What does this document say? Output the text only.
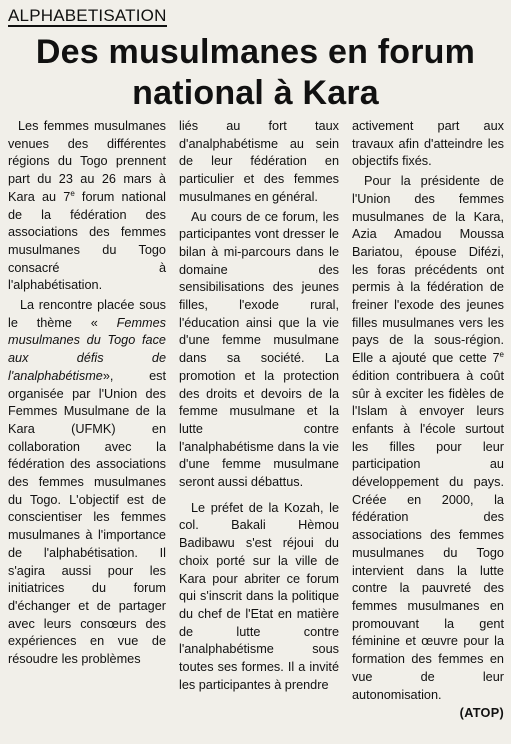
ALPHABETISATION
Des musulmanes en forum
national à Kara

Les femmes musulmanes venues des différentes régions du Togo prennent part du 23 au 26 mars à Kara au 7e forum national de la fédération des associations des femmes musulmanes du Togo consacré à l'alphabétisation.

La rencontre placée sous le thème « Femmes musulmanes du Togo face aux défis de l'analphabétisme», est organisée par l'Union des Femmes Musulmane de la Kara (UFMK) en collaboration avec la fédération des associations des femmes musulmanes du Togo. L'objectif est de conscientiser les femmes musulmanes à l'importance de l'alphabétisation. Il s'agira aussi pour les initiatrices du forum d'échanger et de partager avec leurs consœurs des expériences en vue de résoudre les problèmes

liés au fort taux d'analphabétisme au sein de leur fédération en particulier et des femmes musulmanes en général.

Au cours de ce forum, les participantes vont dresser le bilan à mi-parcours dans le domaine des sensibilisations des jeunes filles, l'exode rural, l'éducation ainsi que la vie d'une femme musulmane dans sa société. La promotion et la protection des droits et devoirs de la femme musulmane et la lutte contre l'analphabétisme dans la vie d'une femme musulmane seront aussi débattus.

Le préfet de la Kozah, le col. Bakali Hèmou Badibawu s'est réjoui du choix porté sur la ville de Kara pour abriter ce forum qui s'inscrit dans la politique du chef de l'Etat en matière de lutte contre l'analphabétisme sous toutes ses formes. Il a invité les participantes à prendre

activement part aux travaux afin d'atteindre les objectifs fixés.

Pour la présidente de l'Union des femmes musulmanes de la Kara, Azia Amadou Moussa Bariatou, épouse Difézi, les foras précédents ont permis à la fédération de freiner l'exode des jeunes filles musulmanes vers les pays de la sous-région. Elle a ajouté que cette 7e édition contribuera à coût sûr à exciter les fidèles de l'Islam à envoyer leurs enfants à l'école surtout les filles pour leur participation au développement du pays. Créée en 2000, la fédération des associations des femmes musulmanes du Togo intervient dans la lutte contre la pauvreté des femmes musulmanes en promouvant la gent féminine et œuvre pour la formation des femmes en vue de leur autonomisation.

(ATOP)
